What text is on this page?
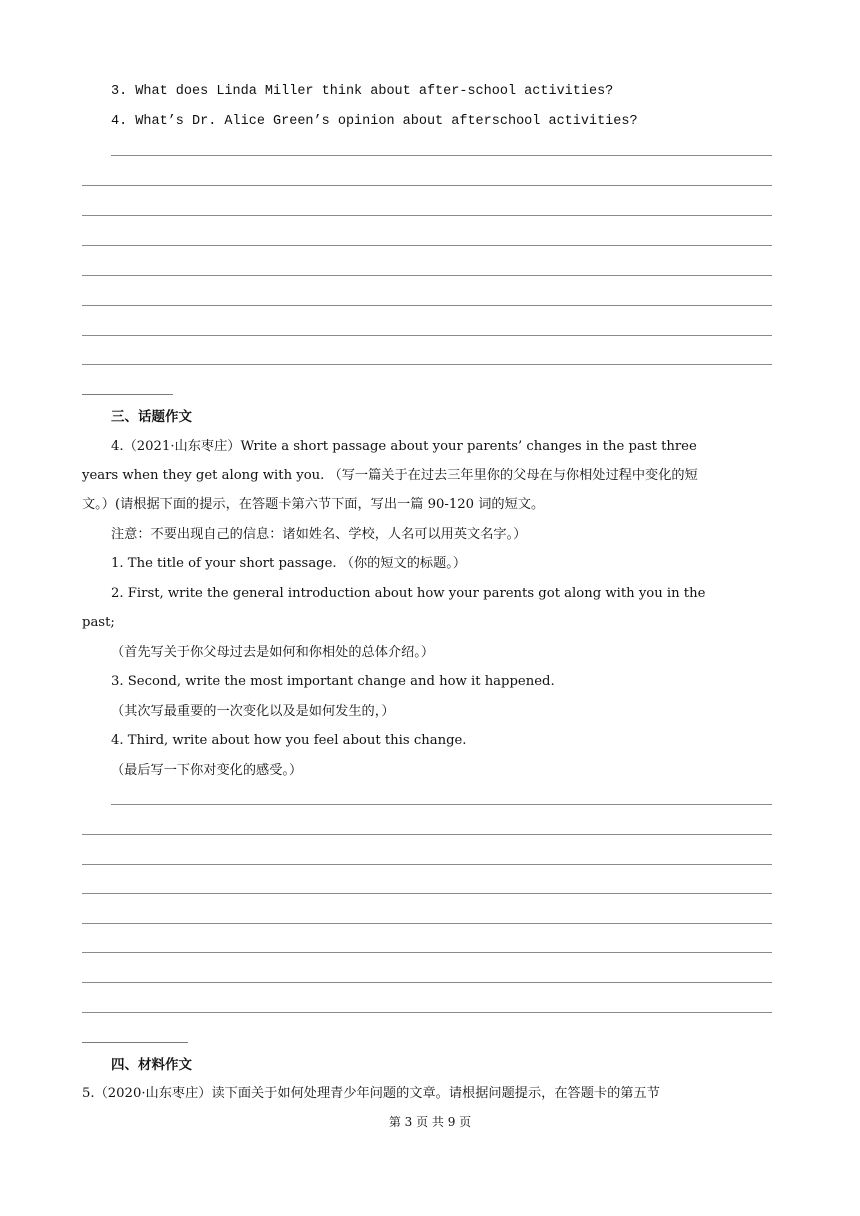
3. What does Linda Miller think about after-school activities?
4. What’s Dr. Alice Green’s opinion about afterschool activities?
三、话题作文
4.（2021·山东枣庄）Write a short passage about your parents’ changes in the past three
years when they get along with you. （写一篇关于在过去三年里你的父母在与你相处过程中变化的短
文。）(请根据下面的提示，在答题卡第六节下面，写出一篇 90-120 词的短文。
注意：不要出现自己的信息：诸如姓名、学校，人名可以用英文名字。）
1. The title of your short passage. （你的短文的标题。）
2. First, write the general introduction about how your parents got along with you in the
past;
（首先写关于你父母过去是如何和你相处的总体介绍。）
3. Second, write the most important change and how it happened.
（其次写最重要的一次变化以及是如何发生的，）
4. Third, write about how you feel about this change.
（最后写一下你对变化的感受。）
四、材料作文
5.（2020·山东枣庄）读下面关于如何处理青少年问题的文章。请根据问题提示，在答题卡的第五节
第 3 页 共 9 页
